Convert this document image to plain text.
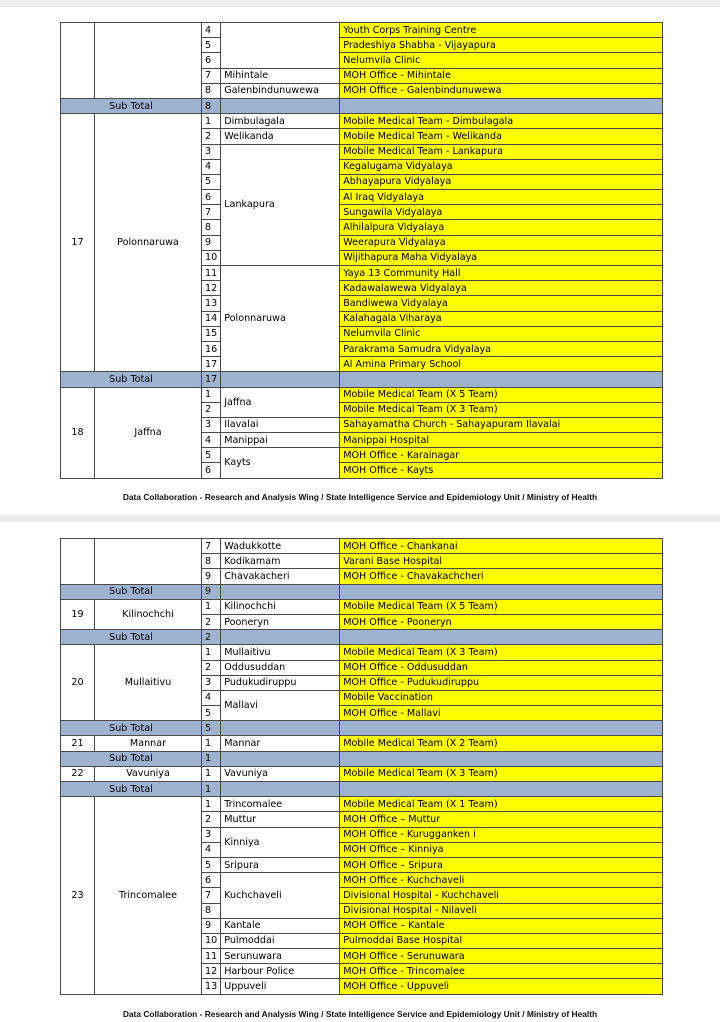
		4		Youth Corps Training Centre
		5		Pradeshiya Shabha - Vijayapura
		6		Nelumvila Clinic
		7	Mihintale	MOH Office - Mihintale
		8	Galenbindunuwewa	MOH Office - Galenbindunuwewa
Sub Total		8		
17	Polonnaruwa	1	Dimbulagala	Mobile Medical Team - Dimbulagala
		2	Welikanda	Mobile Medical Team - Welikanda
		3	Lankapura	Mobile Medical Team - Lankapura
		4		Kegalugama Vidyalaya
		5		Abhayapura Vidyalaya
		6		Al Iraq Vidyalaya
		7		Sungawila Vidyalaya
		8		Alhilalpura Vidyalaya
		9		Weerapura Vidyalaya
		10		Wijithapura Maha Vidyalaya
		11	Polonnaruwa	Yaya 13 Community Hall
		12		Kadawalawewa Vidyalaya
		13		Bandiwewa Vidyalaya
		14		Kalahagala Viharaya
		15		Nelumvila Clinic
		16		Parakrama Samudra Vidyalaya
		17		Al Amina Primary School
Sub Total		17		
18	Jaffna	1	Jaffna	Mobile Medical Team (X 5 Team)
		2		Mobile Medical Team (X 3 Team)
		3	Ilavalai	Sahayamatha Church - Sahayapuram Ilavalai
		4	Manippai	Manippai Hospital
		5	Kayts	MOH Office - Karainagar
		6		MOH Office - Kayts
Data Collaboration - Research and Analysis Wing / State Intelligence Service and Epidemiology Unit / Ministry of Health
		7	Wadukkotte	MOH Office - Chankanai
		8	Kodikamam	Varani Base Hospital
		9	Chavakacheri	MOH Office - Chavakachcheri
Sub Total		9		
19	Kilinochchi	1	Kilinochchi	Mobile Medical Team (X 5 Team)
		2	Pooneryn	MOH Office - Pooneryn
Sub Total		2		
20	Mullaitivu	1	Mullaitivu	Mobile Medical Team (X 3 Team)
		2	Oddusuddan	MOH Office - Oddusuddan
		3	Pudukudiruppu	MOH Office - Pudukudiruppu
		4	Mallavi	Mobile Vaccination
		5		MOH Office - Mallavi
Sub Total		5		
21	Mannar	1	Mannar	Mobile Medical Team (X 2 Team)
Sub Total		1		
22	Vavuniya	1	Vavuniya	Mobile Medical Team (X 3 Team)
Sub Total		1		
23	Trincomalee	1	Trincomalee	Mobile Medical Team (X 1 Team)
		2	Muttur	MOH Office – Muttur
		3	Kinniya	MOH Office - Kurugganken i
		4		MOH Office – Kinniya
		5	Sripura	MOH Office – Sripura
		6	Kuchchaveli	MOH Office - Kuchchaveli
		7		Divisional Hospital - Kuchchaveli
		8		Divisional Hospital - Nilaveli
		9	Kantale	MOH Office – Kantale
		10	Pulmoddai	Pulmoddai Base Hospital
		11	Serunuwara	MOH Office - Serunuwara
		12	Harbour Police	MOH Office - Trincomalee
		13	Uppuveli	MOH Office - Uppuveli
Data Collaboration - Research and Analysis Wing / State Intelligence Service and Epidemiology Unit / Ministry of Health
